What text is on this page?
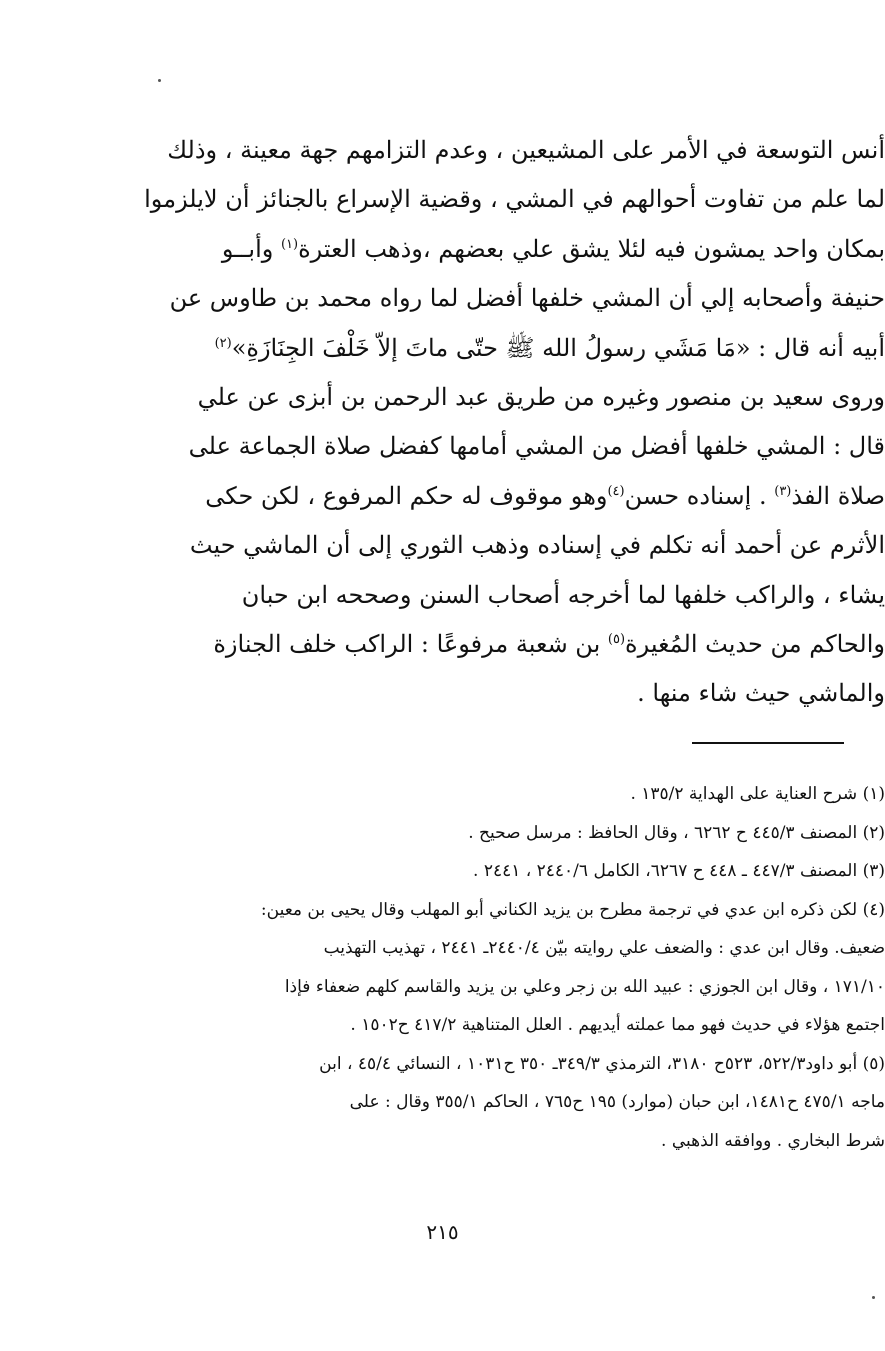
أنس التوسعة في الأمر على المشيعين ، وعدم التزامهم جهة معينة ، وذلك
لما علم من تفاوت أحوالهم في المشي ، وقضية الإسراع بالجنائز أن لايلزموا
بمكان واحد يمشون فيه لئلا يشق علي بعضهم ،وذهب العترة$^{(١)}$ وأبــو
حنيفة وأصحابه إلي أن المشي خلفها أفضل لما رواه محمد بن طاوس عن
أبيه أنه قال : «مَا مَشَي رسولُ الله ﷺ حتّى ماتَ إلاّ خَلْفَ الجِنَازَةِ»$^{(٢)}$
وروى سعيد بن منصور وغيره من طريق عبد الرحمن بن أبزى عن علي
قال : المشي خلفها أفضل من المشي أمامها كفضل صلاة الجماعة على
صلاة الفذ$^{(٣)}$ . إسناده حسن$^{(٤)}$وهو موقوف له حكم المرفوع ، لكن حكى
الأثرم عن أحمد أنه تكلم في إسناده وذهب الثوري إلى أن الماشي حيث
يشاء ، والراكب خلفها لما أخرجه أصحاب السنن وصححه ابن حبان
والحاكم من حديث المُغيرة$^{(٥)}$ بن شعبة مرفوعًا : الراكب خلف الجنازة
والماشي حيث شاء منها .
(١) شرح العناية على الهداية ١٣٥/٢ .
(٢) المصنف ٤٤٥/٣ ح ٦٢٦٢ ، وقال الحافظ : مرسل صحيح .
(٣) المصنف ٤٤٧/٣ ـ ٤٤٨ ح ٦٢٦٧، الكامل ٢٤٤٠/٦ ، ٢٤٤١ .
(٤) لكن ذكره ابن عدي في ترجمة مطرح بن يزيد الكناني أبو المهلب وقال يحيى بن معين:
ضعيف. وقال ابن عدي : والضعف علي روايته بيّن ٢٤٤٠/٤ـ ٢٤٤١ ، تهذيب التهذيب
١٧١/١٠ ، وقال ابن الجوزي : عبيد الله بن زجر وعلي بن يزيد والقاسم كلهم ضعفاء فإذا
اجتمع هؤلاء في حديث فهو مما عملته أيديهم . العلل المتناهية ٤١٧/٢ ح١٥٠٢ .
(٥) أبو داود٥٢٢/٣، ٥٢٣ح ٣١٨٠، الترمذي ٣٤٩/٣ـ ٣٥٠ ح١٠٣١ ، النسائي ٤٥/٤ ، ابن
ماجه ٤٧٥/١ ح١٤٨١، ابن حبان (موارد) ١٩٥ ح٧٦٥ ، الحاكم ٣٥٥/١ وقال : على
شرط البخاري . ووافقه الذهبي .
٢١٥
